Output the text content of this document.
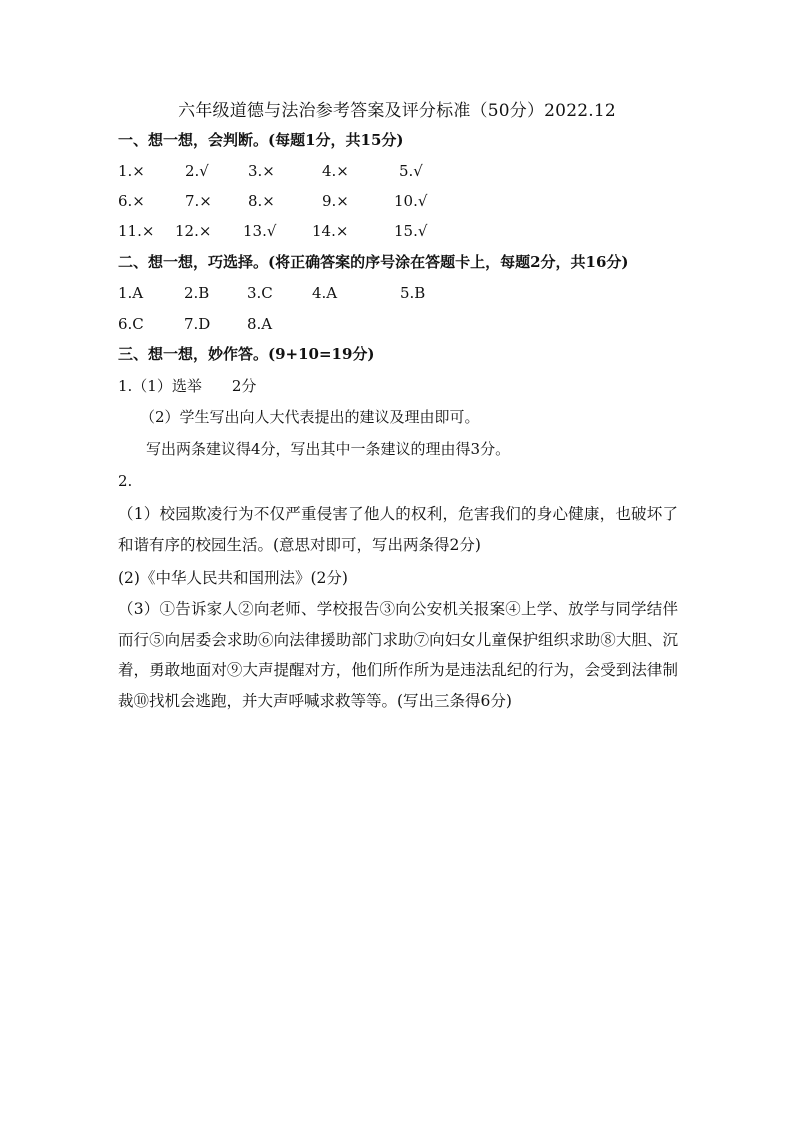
六年级道德与法治参考答案及评分标准（50分）2022.12
一、想一想，会判断。(每题1分，共15分)
1.×	2.√	3.×	4.×	5.√
6.×	7.× 8.×	9.×	10.√
11.× 12.× 13.√ 14.×	15.√
二、想一想，巧选择。(将正确答案的序号涂在答题卡上，每题2分，共16分)
1.A	2.B	3.C	4.A	5.B
6.C	7.D 8.A
三、想一想，妙作答。(9+10=19分)
1.（1）选举　　2分
（2）学生写出向人大代表提出的建议及理由即可。
写出两条建议得4分，写出其中一条建议的理由得3分。
2.
（1）校园欺凌行为不仅严重侵害了他人的权利，危害我们的身心健康，也破坏了和谐有序的校园生活。(意思对即可，写出两条得2分)
(2)《中华人民共和国刑法》(2分)
（3）①告诉家人②向老师、学校报告③向公安机关报案④上学、放学与同学结伴而行⑤向居委会求助⑥向法律援助部门求助⑦向妇女儿童保护组织求助⑧大胆、沉着，勇敢地面对⑨大声提醒对方，他们所作所为是违法乱纪的行为，会受到法律制裁⑩找机会逃跑，并大声呼喊求救等等。(写出三条得6分)
